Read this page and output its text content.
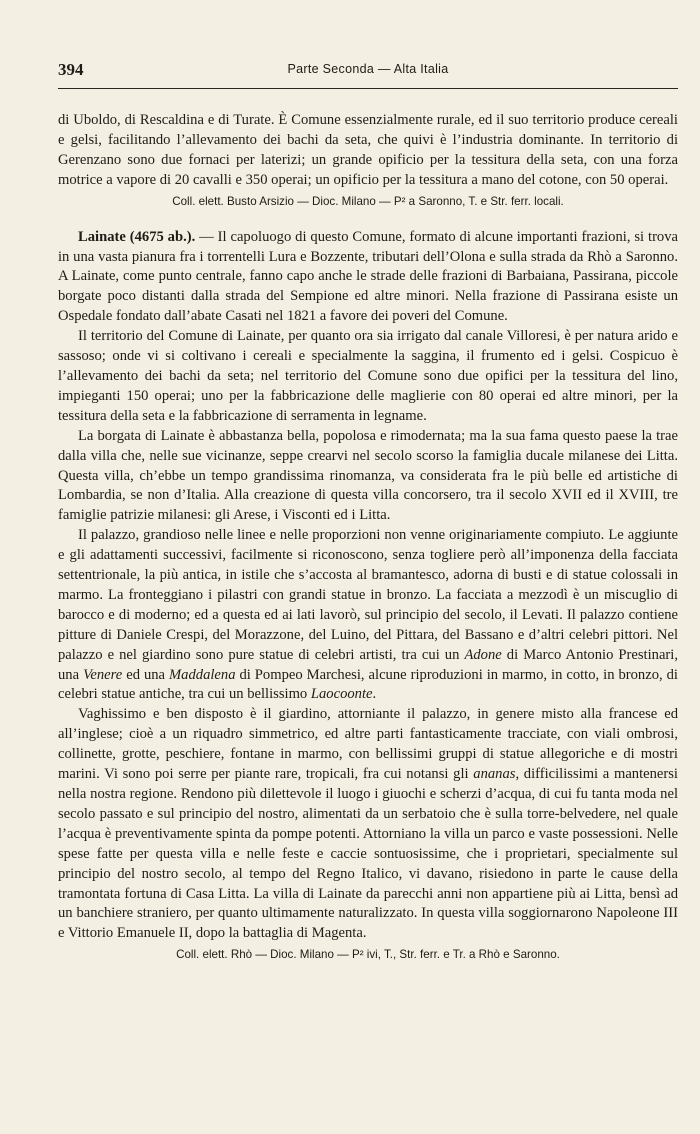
394	Parte Seconda — Alta Italia

di Uboldo, di Rescaldina e di Turate. È Comune essenzialmente rurale, ed il suo territorio produce cereali e gelsi, facilitando l’allevamento dei bachi da seta, che quivi è l’industria dominante. In territorio di Gerenzano sono due fornaci per laterizi; un grande opificio per la tessitura della seta, con una forza motrice a vapore di 20 cavalli e 350 operai; un opificio per la tessitura a mano del cotone, con 50 operai.

Coll. elett. Busto Arsizio — Dioc. Milano — P² a Saronno, T. e Str. ferr. locali.

Lainate (4675 ab.). — Il capoluogo di questo Comune, formato di alcune importanti frazioni, si trova in una vasta pianura fra i torrentelli Lura e Bozzente, tributari dell’Olona e sulla strada da Rhò a Saronno. A Lainate, come punto centrale, fanno capo anche le strade delle frazioni di Barbaiana, Passirana, piccole borgate poco distanti dalla strada del Sempione ed altre minori. Nella frazione di Passirana esiste un Ospedale fondato dall’abate Casati nel 1821 a favore dei poveri del Comune.

Il territorio del Comune di Lainate, per quanto ora sia irrigato dal canale Villoresi, è per natura arido e sassoso; onde vi si coltivano i cereali e specialmente la saggina, il frumento ed i gelsi. Cospicuo è l’allevamento dei bachi da seta; nel territorio del Comune sono due opifici per la tessitura del lino, impieganti 150 operai; uno per la fabbricazione delle maglierie con 80 operai ed altre minori, per la tessitura della seta e la fabbricazione di serramenta in legname.

La borgata di Lainate è abbastanza bella, popolosa e rimodernata; ma la sua fama questo paese la trae dalla villa che, nelle sue vicinanze, seppe crearvi nel secolo scorso la famiglia ducale milanese dei Litta. Questa villa, ch’ebbe un tempo grandissima rinomanza, va considerata fra le più belle ed artistiche di Lombardia, se non d’Italia. Alla creazione di questa villa concorsero, tra il secolo XVII ed il XVIII, tre famiglie patrizie milanesi: gli Arese, i Visconti ed i Litta.

Il palazzo, grandioso nelle linee e nelle proporzioni non venne originariamente compiuto. Le aggiunte e gli adattamenti successivi, facilmente si riconoscono, senza togliere però all’imponenza della facciata settentrionale, la più antica, in istile che s’accosta al bramantesco, adorna di busti e di statue colossali in marmo. La fronteggiano i pilastri con grandi statue in bronzo. La facciata a mezzodì è un miscuglio di barocco e di moderno; ed a questa ed ai lati lavorò, sul principio del secolo, il Levati. Il palazzo contiene pitture di Daniele Crespi, del Morazzone, del Luino, del Pittara, del Bassano e d’altri celebri pittori. Nel palazzo e nel giardino sono pure statue di celebri artisti, tra cui un Adone di Marco Antonio Prestinari, una Venere ed una Maddalena di Pompeo Marchesi, alcune riproduzioni in marmo, in cotto, in bronzo, di celebri statue antiche, tra cui un bellissimo Laocoonte.

Vaghissimo e ben disposto è il giardino, attorniante il palazzo, in genere misto alla francese ed all’inglese; cioè a un riquadro simmetrico, ed altre parti fantasticamente tracciate, con viali ombrosi, collinette, grotte, peschiere, fontane in marmo, con bellissimi gruppi di statue allegoriche e di mostri marini. Vi sono poi serre per piante rare, tropicali, fra cui notansi gli ananas, difficilissimi a mantenersi nella nostra regione. Rendono più dilettevole il luogo i giuochi e scherzi d’acqua, di cui fu tanta moda nel secolo passato e sul principio del nostro, alimentati da un serbatoio che è sulla torre-belvedere, nel quale l’acqua è preventivamente spinta da pompe potenti. Attorniano la villa un parco e vaste possessioni. Nelle spese fatte per questa villa e nelle feste e caccie sontuosissime, che i proprietari, specialmente sul principio del nostro secolo, al tempo del Regno Italico, vi davano, risiedono in parte le cause della tramontata fortuna di Casa Litta. La villa di Lainate da parecchi anni non appartiene più ai Litta, bensì ad un banchiere straniero, per quanto ultimamente naturalizzato. In questa villa soggiornarono Napoleone III e Vittorio Emanuele II, dopo la battaglia di Magenta.

Coll. elett. Rhò — Dioc. Milano — P² ivi, T., Str. ferr. e Tr. a Rhò e Saronno.
